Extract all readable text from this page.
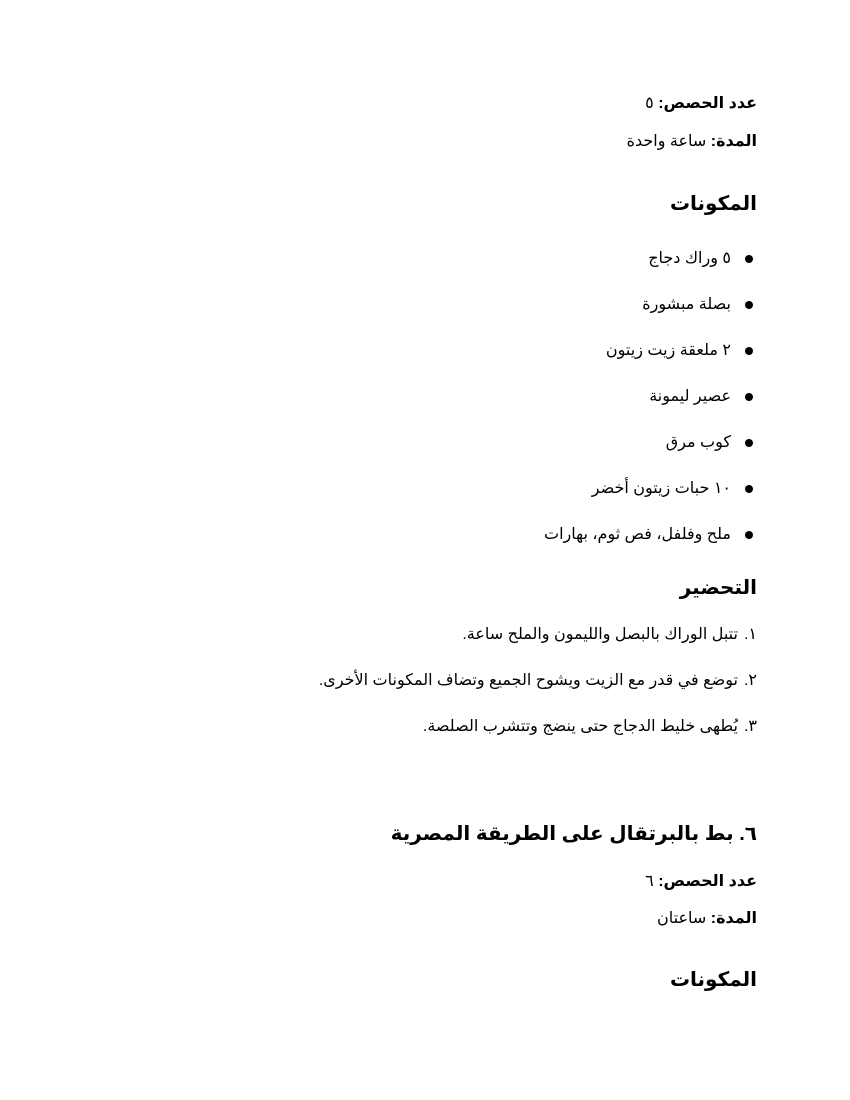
عدد الحصص: ٥
المدة: ساعة واحدة
المكونات
٥ وراك دجاج
بصلة مبشورة
٢ ملعقة زيت زيتون
عصير ليمونة
كوب مرق
١٠ حبات زيتون أخضر
ملح وفلفل، فص ثوم، بهارات
التحضير
١.تتبل الوراك بالبصل والليمون والملح ساعة.
٢.توضع في قدر مع الزيت ويشوح الجميع وتضاف المكونات الأخرى.
٣.يُطهى خليط الدجاج حتى ينضج وتتشرب الصلصة.
٦. بط بالبرتقال على الطريقة المصرية
عدد الحصص: ٦
المدة: ساعتان
المكونات
